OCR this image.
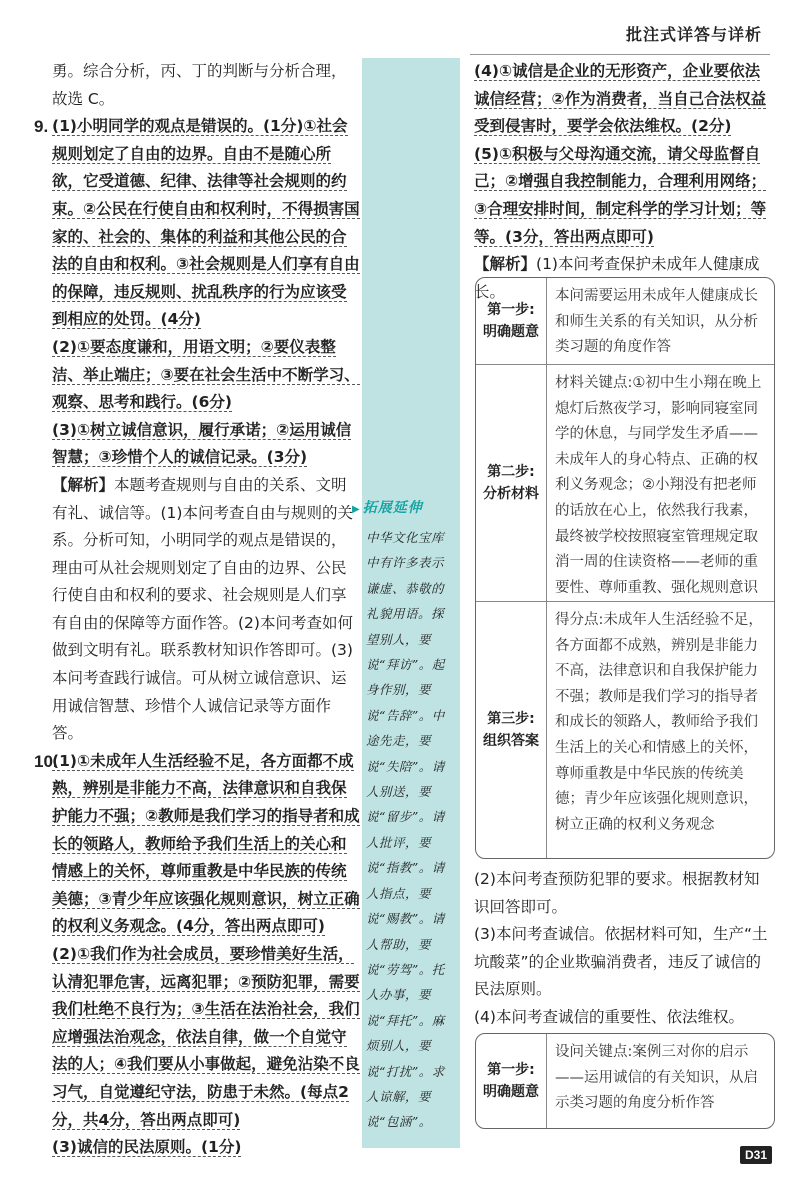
批注式详答与详析

勇。综合分析，丙、丁的判断与分析合理，故选 C。

9. (1)小明同学的观点是错误的。(1分)①社会规则划定了自由的边界。自由不是随心所欲，它受道德、纪律、法律等社会规则的约束。②公民在行使自由和权利时，不得损害国家的、社会的、集体的利益和其他公民的合法的自由和权利。③社会规则是人们享有自由的保障，违反规则、扰乱秩序的行为应该受到相应的处罚。(4分)

(2)①要态度谦和，用语文明；②要仪表整洁、举止端庄；③要在社会生活中不断学习、观察、思考和践行。(6分)

(3)①树立诚信意识，履行承诺；②运用诚信智慧；③珍惜个人的诚信记录。(3分)

【解析】本题考查规则与自由的关系、文明有礼、诚信等。(1)本问考查自由与规则的关系。分析可知，小明同学的观点是错误的，理由可从社会规则划定了自由的边界、公民行使自由和权利的要求、社会规则是人们享有自由的保障等方面作答。(2)本问考查如何做到文明有礼。联系教材知识作答即可。(3)本问考查践行诚信。可从树立诚信意识、运用诚信智慧、珍惜个人诚信记录等方面作答。

10.

(1)①未成年人生活经验不足，各方面都不成熟，辨别是非能力不高，法律意识和自我保护能力不强；②教师是我们学习的指导者和成长的领路人，教师给予我们生活上的关心和情感上的关怀，尊师重教是中华民族的传统美德；③青少年应该强化规则意识，树立正确的权利义务观念。(4分，答出两点即可)

(2)①我们作为社会成员，要珍惜美好生活，认清犯罪危害，远离犯罪；②预防犯罪，需要我们杜绝不良行为；③生活在法治社会，我们应增强法治观念，依法自律，做一个自觉守法的人；④我们要从小事做起，避免沾染不良习气，自觉遵纪守法，防患于未然。(每点2分，共4分，答出两点即可)

(3)诚信的民法原则。(1分)

▶ 拓展延伸
中华文化宝库中有许多表示谦虚、恭敬的礼貌用语。探望别人，要说“拜访”。起身作别，要说“告辞”。中途先走，要说“失陪”。请人别送，要说“留步”。请人批评，要说“指教”。请人指点，要说“赐教”。请人帮助，要说“劳驾”。托人办事，要说“拜托”。麻烦别人，要说“打扰”。求人谅解，要说“包涵”。

(4)①诚信是企业的无形资产，企业要依法诚信经营；②作为消费者，当自己合法权益受到侵害时，要学会依法维权。(2分)

(5)①积极与父母沟通交流，请父母监督自己；②增强自我控制能力，合理利用网络；③合理安排时间，制定科学的学习计划；等等。(3分，答出两点即可)

【解析】(1)本问考查保护未成年人健康成长。

第一步:
明确题意
本问需要运用未成年人健康成长和师生关系的有关知识，从分析类习题的角度作答
第二步:
分析材料
材料关键点:①初中生小翔在晚上熄灯后熬夜学习，影响同寝室同学的休息，与同学发生矛盾——未成年人的身心特点、正确的权利义务观念；②小翔没有把老师的话放在心上，依然我行我素，最终被学校按照寝室管理规定取消一周的住读资格——老师的重要性、尊师重教、强化规则意识
第三步:
组织答案
得分点:未成年人生活经验不足，各方面都不成熟，辨别是非能力不高，法律意识和自我保护能力不强；教师是我们学习的指导者和成长的领路人，教师给予我们生活上的关心和情感上的关怀，尊师重教是中华民族的传统美德；青少年应该强化规则意识，树立正确的权利义务观念

(2)本问考查预防犯罪的要求。根据教材知识回答即可。

(3)本问考查诚信。依据材料可知，生产“土坑酸菜”的企业欺骗消费者，违反了诚信的民法原则。

(4)本问考查诚信的重要性、依法维权。

第一步:
明确题意
设问关键点:案例三对你的启示——运用诚信的有关知识，从启示类习题的角度分析作答
D31
